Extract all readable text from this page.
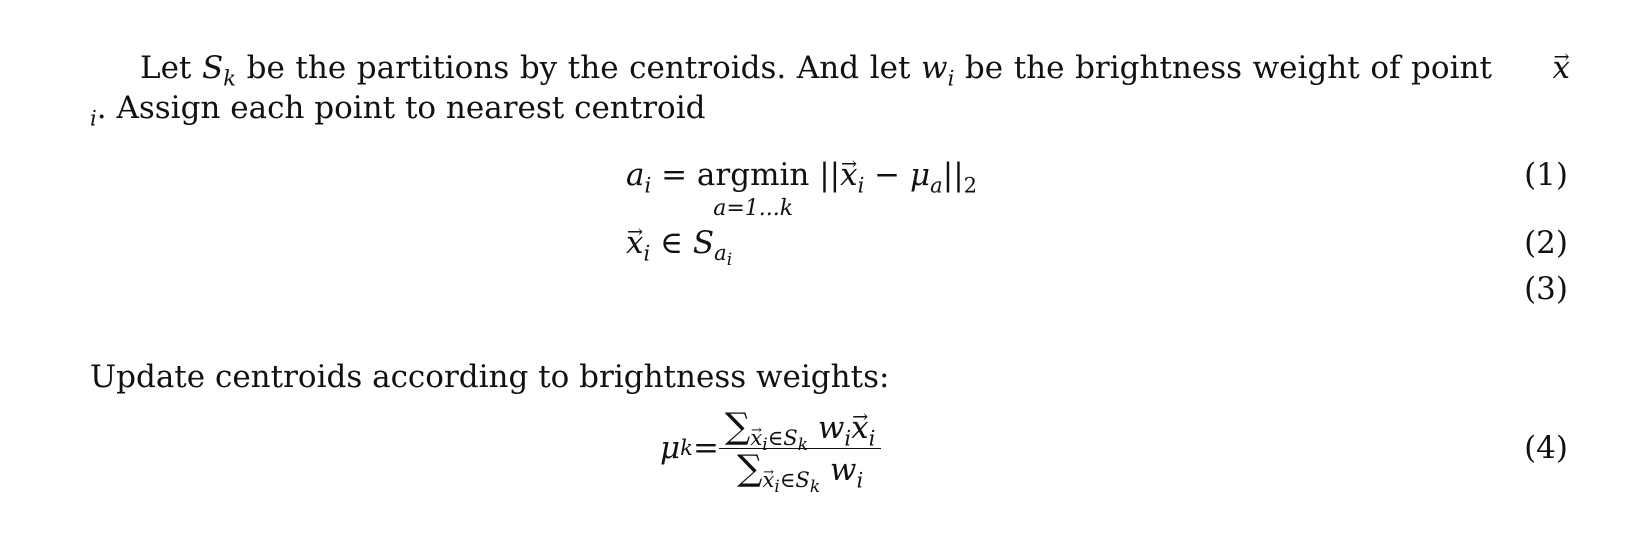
Let $S_k$ be the partitions by the centroids. And let $w_i$ be the brightness weight of point → $x_i$. Assign each point to nearest centroid

$a_i = argmin$
a=1...k
||→ $x_i - \mu_a||_2$	(1)
→ $x_i$ ∈ $S_{a_i}$	(2)
(3)

Update centroids according to brightness weights:

μ $k = \frac{\sum_{x_i\in S_k} w_i\to x_i}{\sum_{x_i\in S_k} w_i}$	(4)
